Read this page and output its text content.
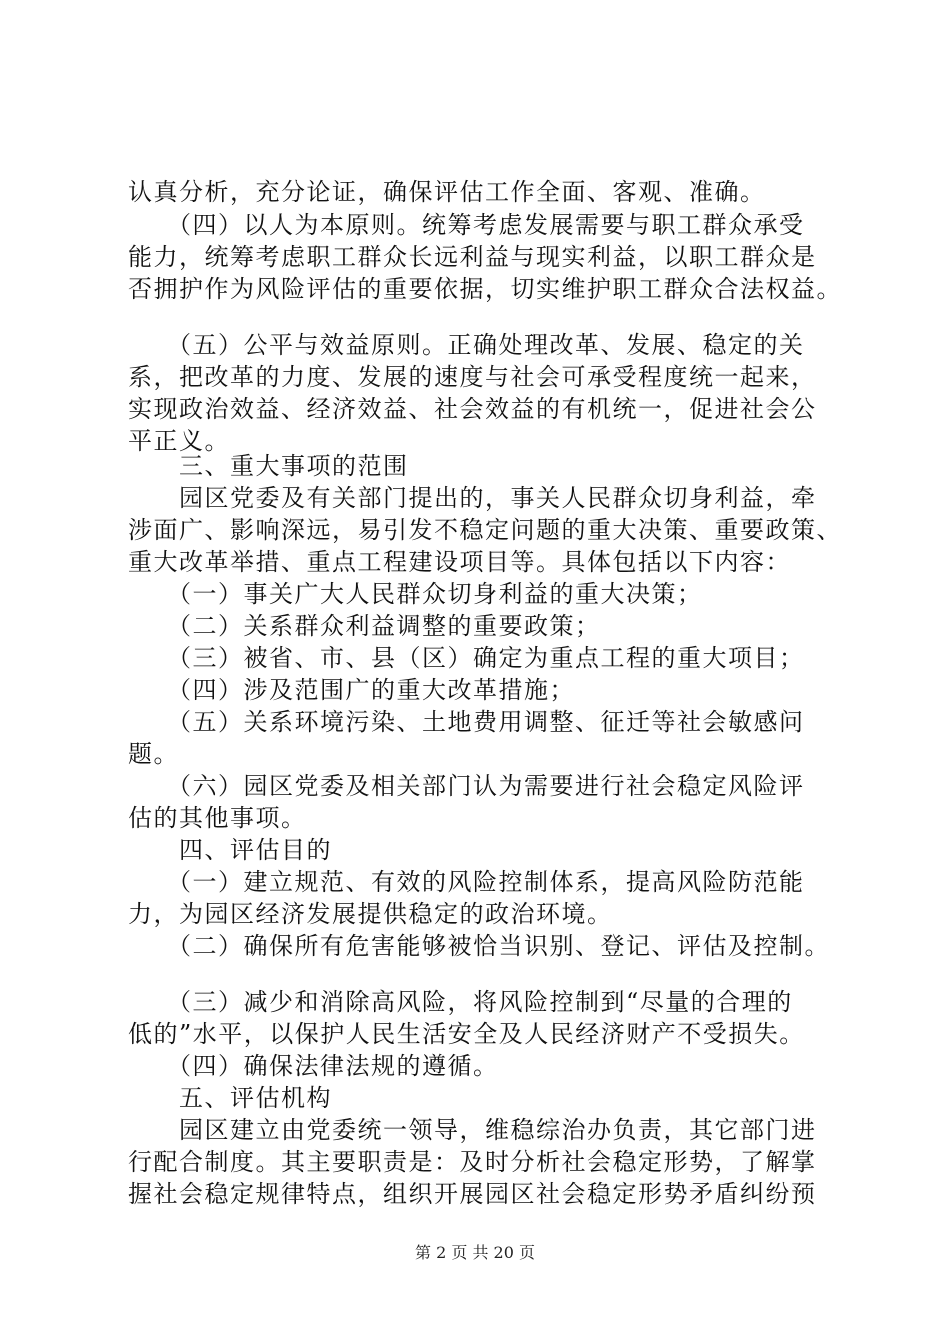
认真分析，充分论证，确保评估工作全面、客观、准确。
　　（四）以人为本原则。统筹考虑发展需要与职工群众承受
能力，统筹考虑职工群众长远利益与现实利益，以职工群众是
否拥护作为风险评估的重要依据，切实维护职工群众合法权益。
　　（五）公平与效益原则。正确处理改革、发展、稳定的关
系，把改革的力度、发展的速度与社会可承受程度统一起来，
实现政治效益、经济效益、社会效益的有机统一，促进社会公
平正义。
　　三、重大事项的范围
　　园区党委及有关部门提出的，事关人民群众切身利益，牵
涉面广、影响深远，易引发不稳定问题的重大决策、重要政策、
重大改革举措、重点工程建设项目等。具体包括以下内容：
　　（一）事关广大人民群众切身利益的重大决策；
　　（二）关系群众利益调整的重要政策；
　　（三）被省、市、县（区）确定为重点工程的重大项目；
　　（四）涉及范围广的重大改革措施；
　　（五）关系环境污染、土地费用调整、征迁等社会敏感问
题。
　　（六）园区党委及相关部门认为需要进行社会稳定风险评
估的其他事项。
　　四、评估目的
　　（一）建立规范、有效的风险控制体系，提高风险防范能
力，为园区经济发展提供稳定的政治环境。
　　（二）确保所有危害能够被恰当识别、登记、评估及控制。
　　（三）减少和消除高风险，将风险控制到“尽量的合理的
低的”水平，以保护人民生活安全及人民经济财产不受损失。
　　（四）确保法律法规的遵循。
　　五、评估机构
　　园区建立由党委统一领导，维稳综治办负责，其它部门进
行配合制度。其主要职责是：及时分析社会稳定形势，了解掌
握社会稳定规律特点，组织开展园区社会稳定形势矛盾纠纷预
第 2 页 共 20 页
